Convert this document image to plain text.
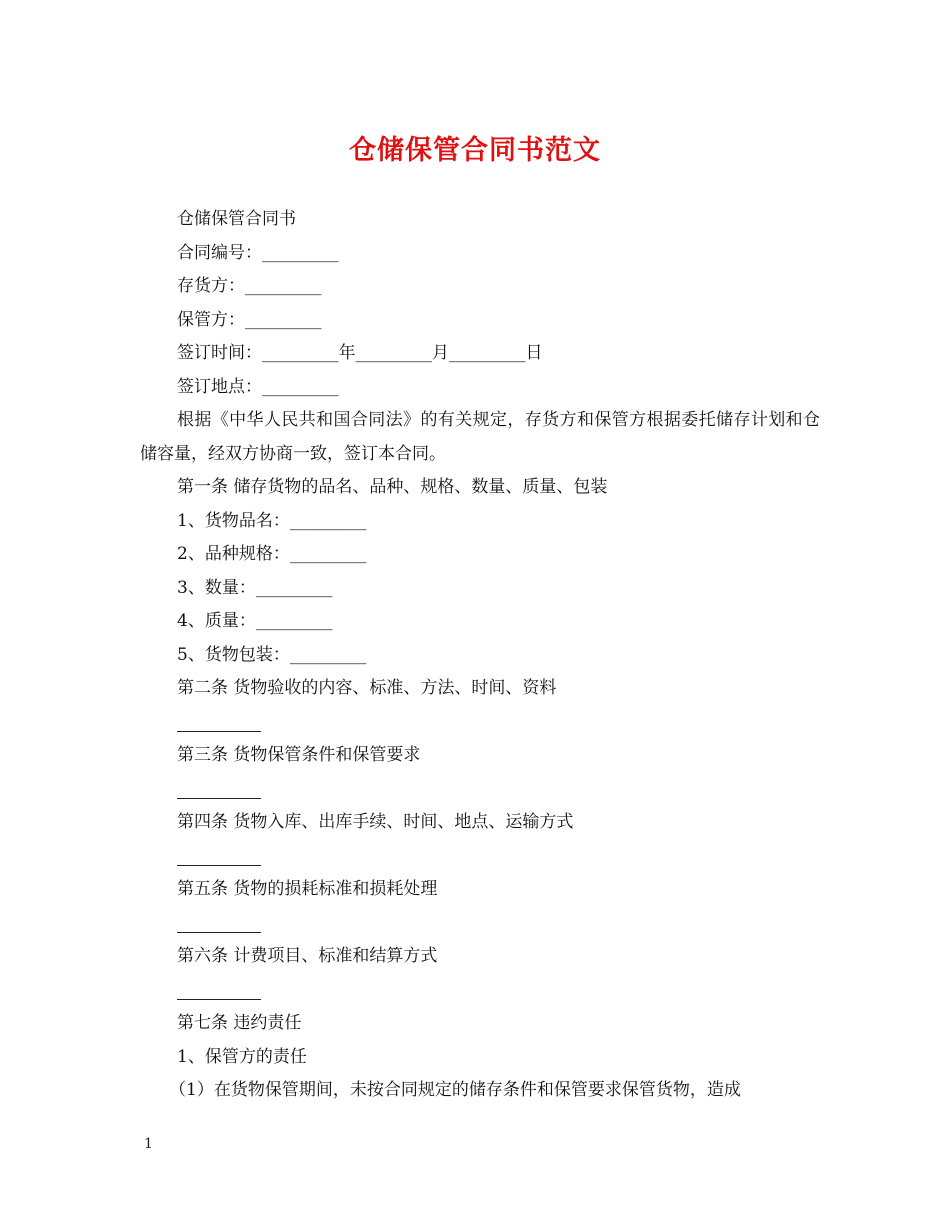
仓储保管合同书范文

仓储保管合同书

合同编号：_________

存货方：_________

保管方：_________

签订时间：_________年_________月_________日

签订地点：_________

根据《中华人民共和国合同法》的有关规定，存货方和保管方根据委托储存计划和仓储容量，经双方协商一致，签订本合同。

第一条 储存货物的品名、品种、规格、数量、质量、包装

1、货物品名：_________

2、品种规格：_________

3、数量：_________

4、质量：_________

5、货物包装：_________

第二条 货物验收的内容、标准、方法、时间、资料

第三条 货物保管条件和保管要求

第四条 货物入库、出库手续、时间、地点、运输方式

第五条 货物的损耗标准和损耗处理

第六条 计费项目、标准和结算方式

第七条 违约责任

1、保管方的责任

（1）在货物保管期间，未按合同规定的储存条件和保管要求保管货物，造成

1
